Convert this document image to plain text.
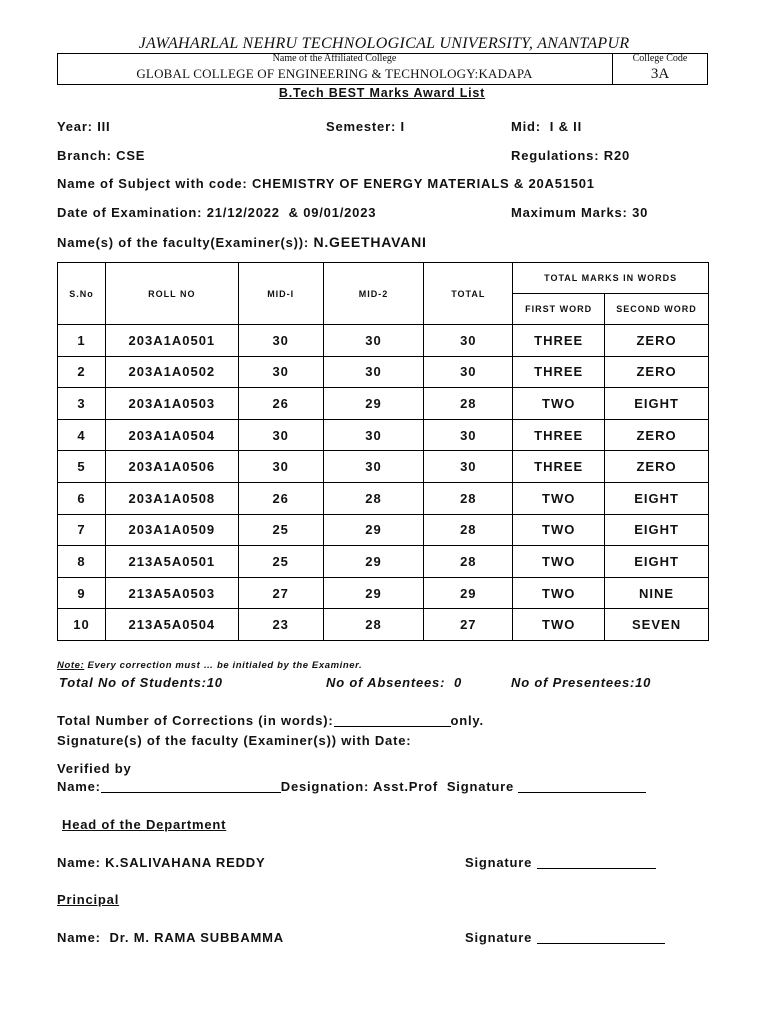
JAWAHARLAL NEHRU TECHNOLOGICAL UNIVERSITY, ANANTAPUR
Name of the Affiliated College
GLOBAL COLLEGE OF ENGINEERING & TECHNOLOGY:KADAPA
College Code
3A
B.Tech BEST Marks Award List
Year: III	Semester: I	Mid: I & II
Branch: CSE	Regulations: R20
Name of Subject with code: CHEMISTRY OF ENERGY MATERIALS & 20A51501
Date of Examination: 21/12/2022  & 09/01/2023	Maximum Marks: 30
Name(s) of the faculty(Examiner(s)): N.GEETHAVANI
S.No	ROLL NO	MID-I	MID-2	TOTAL	TOTAL MARKS IN WORDS	
					FIRST WORD	SECOND WORD
1	203A1A0501	30	30	30	THREE	ZERO
2	203A1A0502	30	30	30	THREE	ZERO
3	203A1A0503	26	29	28	TWO	EIGHT
4	203A1A0504	30	30	30	THREE	ZERO
5	203A1A0506	30	30	30	THREE	ZERO
6	203A1A0508	26	28	28	TWO	EIGHT
7	203A1A0509	25	29	28	TWO	EIGHT
8	213A5A0501	25	29	28	TWO	EIGHT
9	213A5A0503	27	29	29	TWO	NINE
10	213A5A0504	23	28	27	TWO	SEVEN
Note: Every correction must … be initialed by the Examiner.
Total No of Students:10	No of Absentees:  0	No of Presentees:10
Total Number of Corrections (in words):	only.
Signature(s) of the faculty (Examiner(s)) with Date:
Verified by
Name:	Designation: Asst.Prof Signature
Head of the Department
Name: K.SALIVAHANA REDDY	Signature
Principal
Name:  Dr. M. RAMA SUBBAMMA	Signature
